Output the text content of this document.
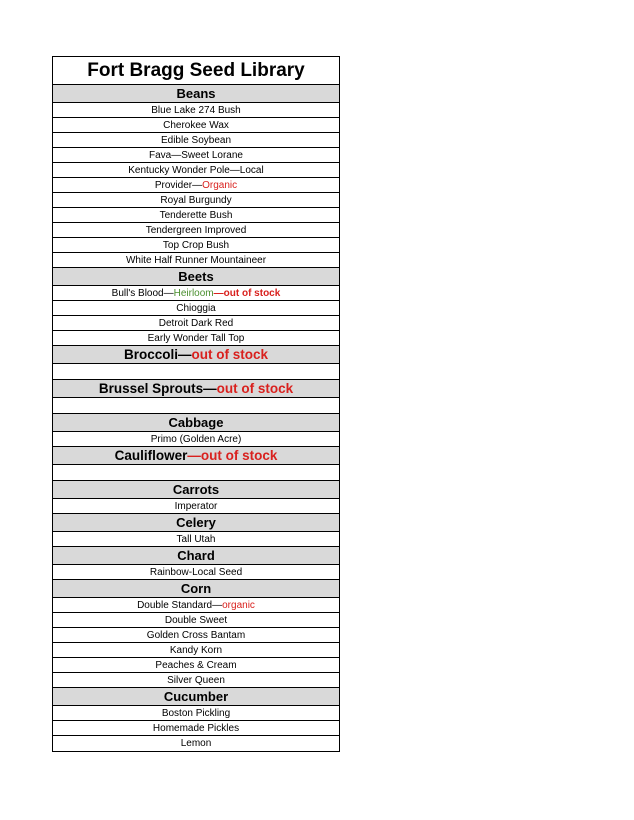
Fort Bragg Seed Library
Beans
Blue Lake 274 Bush
Cherokee Wax
Edible Soybean
Fava—Sweet Lorane
Kentucky Wonder Pole—Local
Provider—Organic
Royal Burgundy
Tenderette Bush
Tendergreen Improved
Top Crop Bush
White Half Runner Mountaineer
Beets
Bull's Blood—Heirloom—out of stock
Chioggia
Detroit Dark Red
Early Wonder Tall Top
Broccoli—out of stock
Brussel Sprouts—out of stock
Cabbage
Primo (Golden Acre)
Cauliflower—out of stock
Carrots
Imperator
Celery
Tall Utah
Chard
Rainbow-Local Seed
Corn
Double Standard—organic
Double Sweet
Golden Cross Bantam
Kandy Korn
Peaches & Cream
Silver Queen
Cucumber
Boston Pickling
Homemade Pickles
Lemon
